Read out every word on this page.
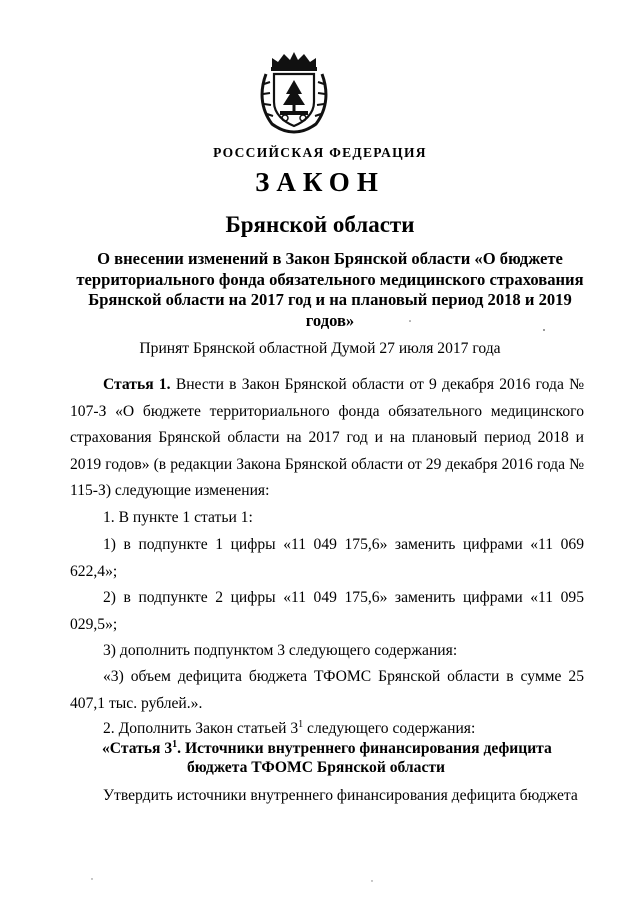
РОССИЙСКАЯ ФЕДЕРАЦИЯ
ЗАКОН
Брянской области
О внесении изменений в Закон Брянской области «О бюджете территориального фонда обязательного медицинского страхования Брянской области на 2017 год и на плановый период 2018 и 2019 годов»
Принят Брянской областной Думой 27 июля 2017 года

Статья 1. Внести в Закон Брянской области от 9 декабря 2016 года № 107-З «О бюджете территориального фонда обязательного медицинского страхования Брянской области на 2017 год и на плановый период 2018 и 2019 годов» (в редакции Закона Брянской области от 29 декабря 2016 года № 115-З) следующие изменения:

1. В пункте 1 статьи 1:
1) в подпункте 1 цифры «11 049 175,6» заменить цифрами «11 069 622,4»;
2) в подпункте 2 цифры «11 049 175,6» заменить цифрами «11 095 029,5»;
3) дополнить подпунктом 3 следующего содержания:
«3) объем дефицита бюджета ТФОМС Брянской области в сумме 25 407,1 тыс. рублей.».
2. Дополнить Закон статьей $3^1$ следующего содержания:
«Статья $3^1$. Источники внутреннего финансирования дефицита
бюджета ТФОМС Брянской области
Утвердить источники внутреннего финансирования дефицита бюджета
